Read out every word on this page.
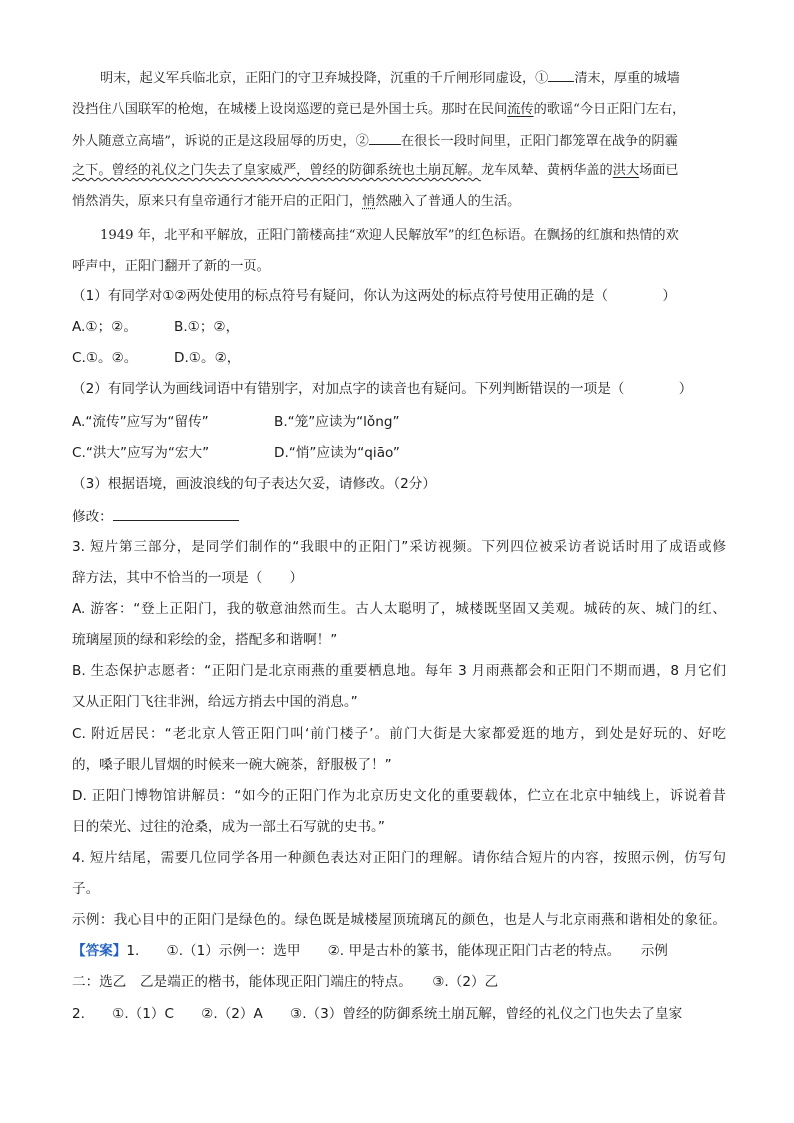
明末，起义军兵临北京，正阳门的守卫弃城投降，沉重的千斤闸形同虚设，① 清末，厚重的城墙
没挡住八国联军的枪炮，在城楼上设岗巡逻的竟已是外国士兵。那时在民间流传的歌谣“今日正阳门左右，
外人随意立高墙”，诉说的正是这段屈辱的历史，② 在很长一段时间里，正阳门都笼罩在战争的阴霾
之下。曾经的礼仪之门失去了皇家威严，曾经的防御系统也土崩瓦解。龙车凤辇、黄柄华盖的洪大场面已
悄然消失，原来只有皇帝通行才能开启的正阳门，悄然融入了普通人的生活。
1949 年，北平和平解放，正阳门箭楼高挂“欢迎人民解放军”的红色标语。在飘扬的红旗和热情的欢
呼声中，正阳门翻开了新的一页。
（1）有同学对①②两处使用的标点符号有疑问，你认为这两处的标点符号使用正确的是（　　　　）
A.①；②。	B.①；②，
C.①。②。	D.①。②，
（2）有同学认为画线词语中有错别字，对加点字的读音也有疑问。下列判断错误的一项是（　　　　）
A.“流传”应写为“留传”	B.“笼”应读为“lǒng”
C.“洪大”应写为“宏大”	D.“悄”应读为“qiāo”
（3）根据语境，画波浪线的句子表达欠妥，请修改。（2分）
修改：
3. 短片第三部分，是同学们制作的“我眼中的正阳门”采访视频。下列四位被采访者说话时用了成语或修
辞方法，其中不恰当的一项是（　　）
A. 游客：“登上正阳门，我的敬意油然而生。古人太聪明了，城楼既坚固又美观。城砖的灰、城门的红、
琉璃屋顶的绿和彩绘的金，搭配多和谐啊！”
B. 生态保护志愿者：“正阳门是北京雨燕的重要栖息地。每年 3 月雨燕都会和正阳门不期而遇，8 月它们
又从正阳门飞往非洲，给远方捎去中国的消息。”
C. 附近居民：“老北京人管正阳门叫‘前门楼子’。前门大街是大家都爱逛的地方，到处是好玩的、好吃
的，嗓子眼儿冒烟的时候来一碗大碗茶，舒服极了！”
D. 正阳门博物馆讲解员：“如今的正阳门作为北京历史文化的重要载体，伫立在北京中轴线上，诉说着昔
日的荣光、过往的沧桑，成为一部土石写就的史书。”
4. 短片结尾，需要几位同学各用一种颜色表达对正阳门的理解。请你结合短片的内容，按照示例，仿写句
子。
示例：我心目中的正阳门是绿色的。绿色既是城楼屋顶琉璃瓦的颜色，也是人与北京雨燕和谐相处的象征。
【答案】1.　　①.（1）示例一：选甲　　②. 甲是古朴的篆书，能体现正阳门古老的特点。　　示例
二：选乙　乙是端正的楷书，能体现正阳门端庄的特点。　　③.（2）乙
2.　　①.（1）C　　②.（2）A　　③.（3）曾经的防御系统土崩瓦解，曾经的礼仪之门也失去了皇家
